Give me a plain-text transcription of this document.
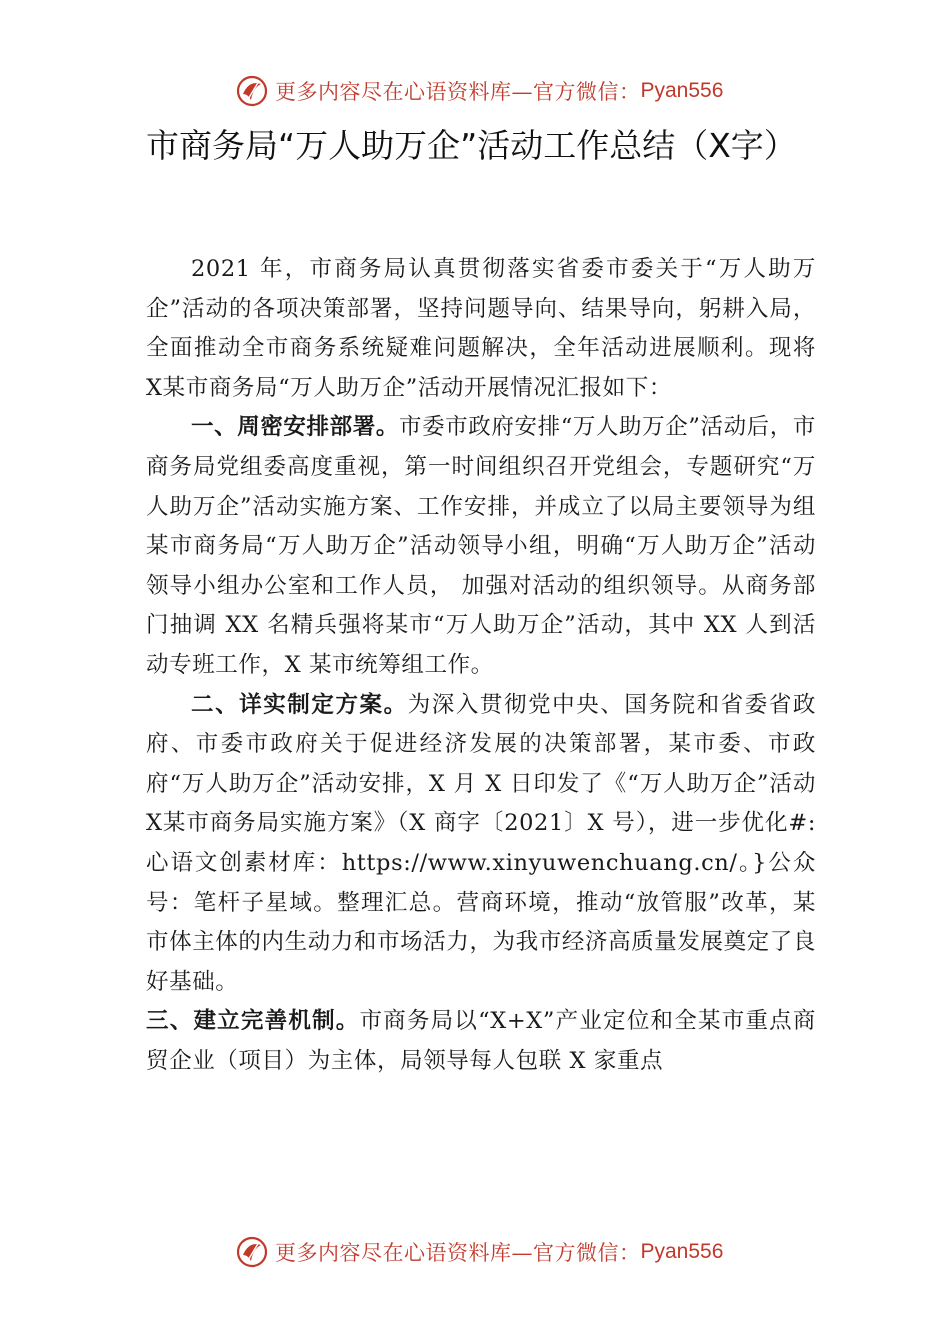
更多内容尽在心语资料库—官方微信： Pyan556
市商务局“万人助万企”活动工作总结（X字）

2021 年，市商务局认真贯彻落实省委市委关于“万人助万企”活动的各项决策部署，坚持问题导向、结果导向，躬耕入局，全面推动全市商务系统疑难问题解决，全年活动进展顺利。现将 X某市商务局“万人助万企”活动开展情况汇报如下：

一、周密安排部署。市委市政府安排“万人助万企”活动后，市商务局党组委高度重视，第一时间组织召开党组会，专题研究“万人助万企”活动实施方案、工作安排，并成立了以局主要领导为组某市商务局“万人助万企”活动领导小组，明确“万人助万企”活动领导小组办公室和工作人员， 加强对活动的组织领导。从商务部门抽调 XX 名精兵强将某市“万人助万企”活动，其中 XX 人到活动专班工作，X 某市统筹组工作。

二、详实制定方案。为深入贯彻党中央、国务院和省委省政府、市委市政府关于促进经济发展的决策部署，某市委、市政府“万人助万企”活动安排，X 月 X 日印发了《“万人助万企”活动 X某市商务局实施方案》（X 商字〔2021〕X 号），进一步优化#:心语文创素材库：https://www.xinyuwenchuang.cn/。}公众号：笔杆子星域。整理汇总。营商环境，推动“放管服”改革，某市体主体的内生动力和市场活力，为我市经济高质量发展奠定了良好基础。

三、建立完善机制。市商务局以“X+X”产业定位和全某市重点商贸企业（项目）为主体，局领导每人包联 X 家重点

更多内容尽在心语资料库—官方微信： Pyan556
